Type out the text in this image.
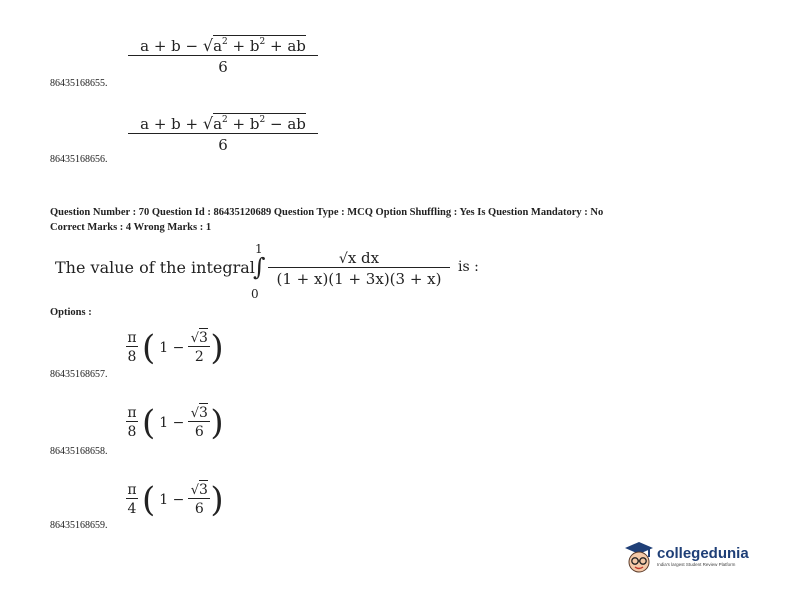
86435168655.
$a + b - √a^2 + b^2$ + ab
6
86435168656.
$a + b + √a^2 + b^2$ − ab
6
Question Number : 70 Question Id : 86435120689 Question Type : MCQ Option Shuffling : Yes Is Question Mandatory : No
Correct Marks : 4 Wrong Marks : 1
The value of the integral
1
∫
0
√x dx
(1 + x)(1 + 3x)(3 + x)
is :
Options :
86435168657.
$\frac{\pi}{8}$ ( $1 - \frac{√3}{2}$ )
86435168658.
$\frac{\pi}{8}$ ( $1 - \frac{√3}{6}$ )
86435168659.
$\frac{\pi}{4}$ ( $1 - \frac{√3}{6}$ )
collegedunia
India's largest Student Review Platform
